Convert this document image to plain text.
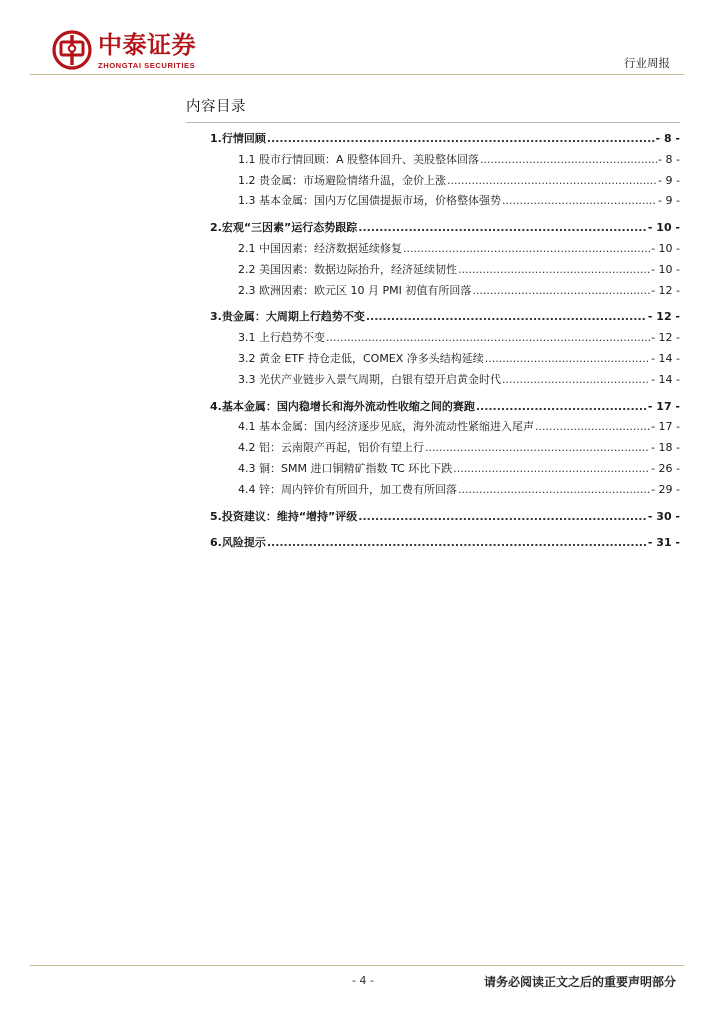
中泰证券
ZHONGTAI SECURITIES	行业周报
内容目录
1.行情回顾 .....	- 8 -
1.1 股市行情回顾：A 股整体回升、美股整体回落 .....	- 8 -
1.2 贵金属：市场避险情绪升温，金价上涨 .....	- 9 -
1.3 基本金属：国内万亿国债提振市场，价格整体强势 .....	- 9 -
2.宏观“三因素”运行态势跟踪 .....	- 10 -
2.1 中国因素：经济数据延续修复 .....	- 10 -
2.2 美国因素：数据边际抬升，经济延续韧性 .....	- 10 -
2.3 欧洲因素：欧元区 10 月 PMI 初值有所回落 .....	- 12 -
3.贵金属：大周期上行趋势不变 .....	- 12 -
3.1 上行趋势不变 .....	- 12 -
3.2 黄金 ETF 持仓走低，COMEX 净多头结构延续 .....	- 14 -
3.3 光伏产业链步入景气周期，白银有望开启黄金时代 .....	- 14 -
4.基本金属：国内稳增长和海外流动性收缩之间的赛跑 .....	- 17 -
4.1 基本金属：国内经济逐步见底，海外流动性紧缩进入尾声 .....	- 17 -
4.2 铝：云南限产再起，铝价有望上行 .....	- 18 -
4.3 铜：SMM 进口铜精矿指数 TC 环比下跌 .....	- 26 -
4.4 锌：周内锌价有所回升，加工费有所回落 .....	- 29 -
5.投资建议：维持“增持”评级 .....	- 30 -
6.风险提示 .....	- 31 -
- 4 -	请务必阅读正文之后的重要声明部分
